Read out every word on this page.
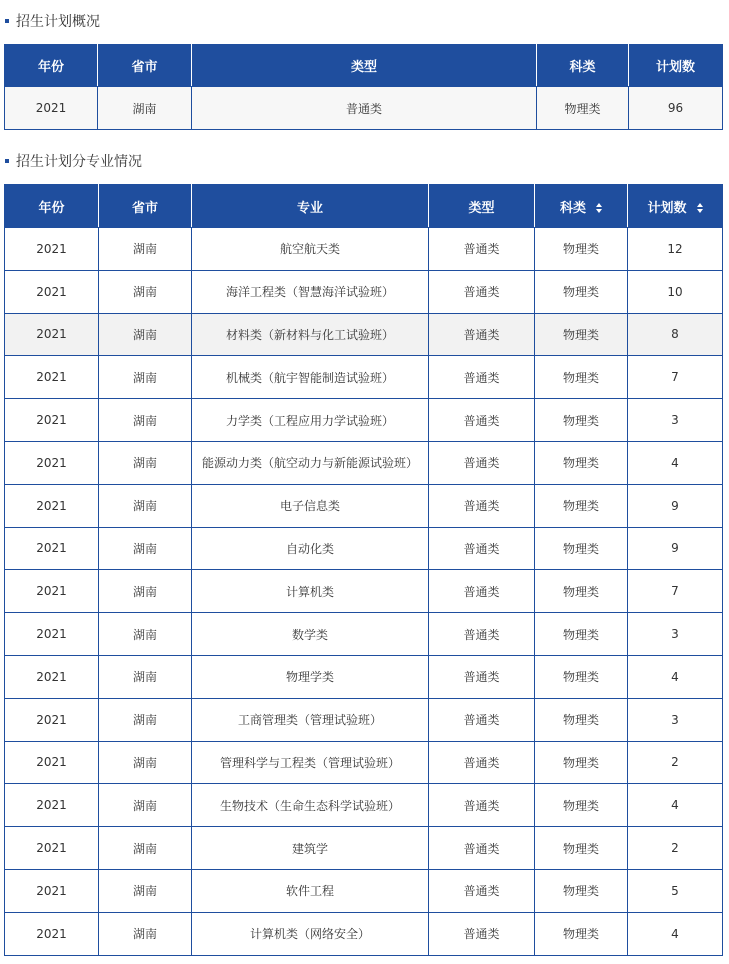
招生计划概况
年份	省市	类型	科类	计划数
2021	湖南	普通类	物理类	96
招生计划分专业情况
年份	省市	专业	类型	科类	计划数
2021	湖南	航空航天类	普通类	物理类	12
2021	湖南	海洋工程类（智慧海洋试验班）	普通类	物理类	10
2021	湖南	材料类（新材料与化工试验班）	普通类	物理类	8
2021	湖南	机械类（航宇智能制造试验班）	普通类	物理类	7
2021	湖南	力学类（工程应用力学试验班）	普通类	物理类	3
2021	湖南	能源动力类（航空动力与新能源试验班）	普通类	物理类	4
2021	湖南	电子信息类	普通类	物理类	9
2021	湖南	自动化类	普通类	物理类	9
2021	湖南	计算机类	普通类	物理类	7
2021	湖南	数学类	普通类	物理类	3
2021	湖南	物理学类	普通类	物理类	4
2021	湖南	工商管理类（管理试验班）	普通类	物理类	3
2021	湖南	管理科学与工程类（管理试验班）	普通类	物理类	2
2021	湖南	生物技术（生命生态科学试验班）	普通类	物理类	4
2021	湖南	建筑学	普通类	物理类	2
2021	湖南	软件工程	普通类	物理类	5
2021	湖南	计算机类（网络安全）	普通类	物理类	4
